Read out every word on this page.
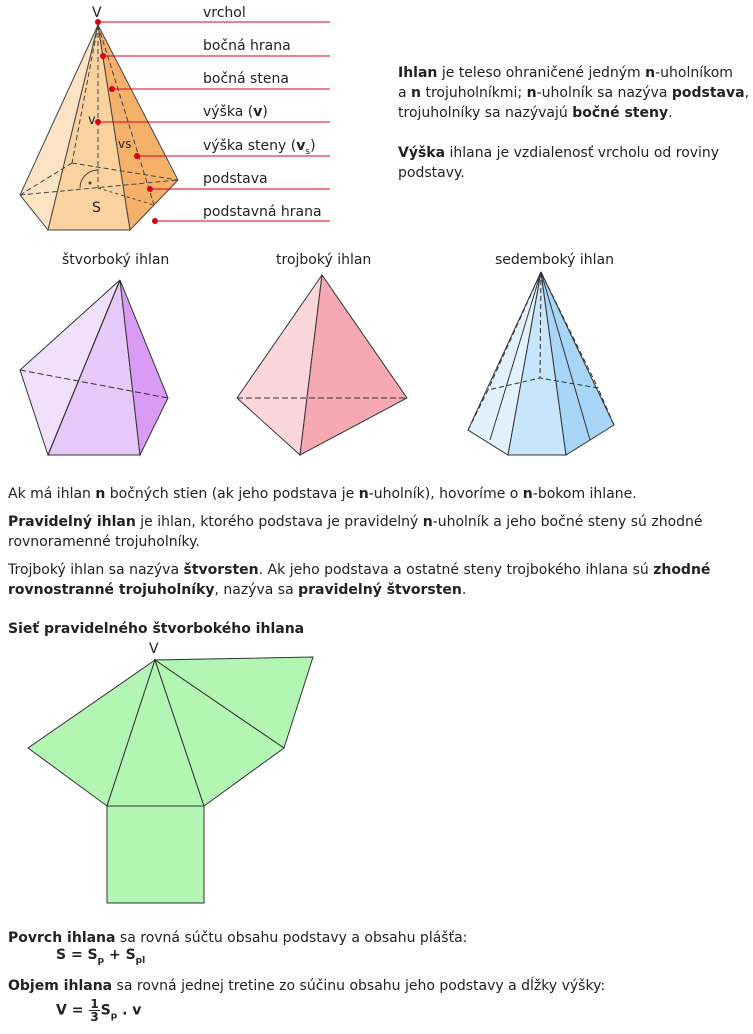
V
v
vs
S
vrchol
bočná hrana
bočná stena
výška (v)
výška steny $(v_s)$
podstava
podstavná hrana
Ihlan je teleso ohraničené jedným n-uholníkom
a n trojuholníkmi; n-uholník sa nazýva podstava,
trojuholníky sa nazývajú bočné steny.
Výška ihlana je vzdialenosť vrcholu od roviny
podstavy.
štvorboký ihlan	trojboký ihlan	sedemboký ihlan
Ak má ihlan n bočných stien (ak jeho podstava je n-uholník), hovoríme o n-bokom ihlane.
Pravidelný ihlan je ihlan, ktorého podstava je pravidelný n-uholník a jeho bočné steny sú zhodné
rovnoramenné trojuholníky.
Trojboký ihlan sa nazýva štvorsten. Ak jeho podstava a ostatné steny trojbokého ihlana sú zhodné
rovnostranné trojuholníky, nazýva sa pravidelný štvorsten.
Sieť pravidelného štvorbokého ihlana
V
Povrch ihlana sa rovná súčtu obsahu podstavy a obsahu plášťa:
$S = S_p + S_{pl}$
Objem ihlana sa rovná jednej tretine zo súčinu obsahu jeho podstavy a dĺžky výšky:
$V = \frac{1}{3} S_p$ . v
